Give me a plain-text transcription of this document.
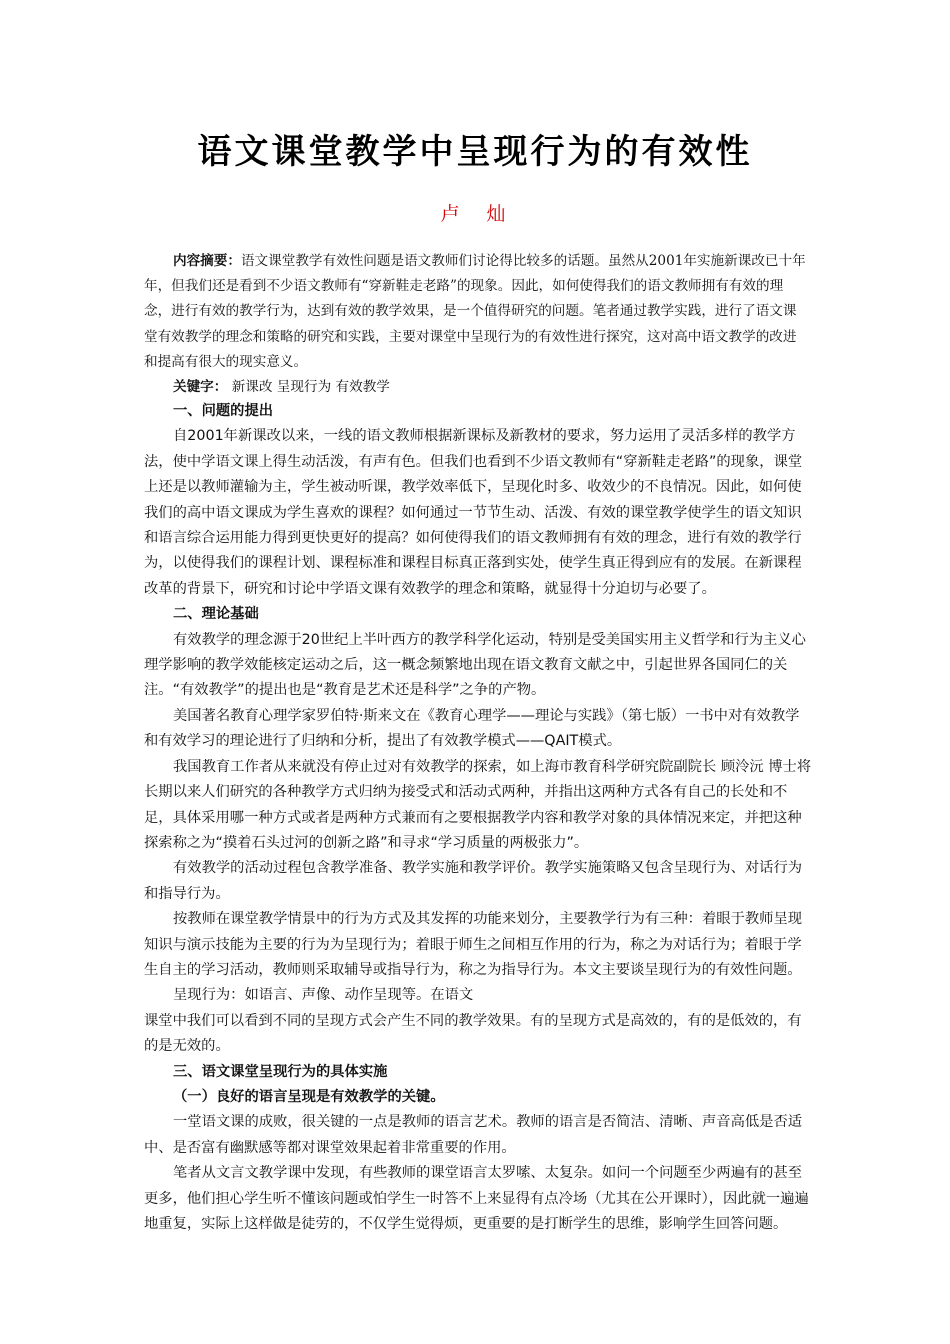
语文课堂教学中呈现行为的有效性
卢　灿

内容摘要：语文课堂教学有效性问题是语文教师们讨论得比较多的话题。虽然从2001年实施新课改已十年年，但我们还是看到不少语文教师有“穿新鞋走老路”的现象。因此，如何使得我们的语文教师拥有有效的理念，进行有效的教学行为，达到有效的教学效果，是一个值得研究的问题。笔者通过教学实践，进行了语文课堂有效教学的理念和策略的研究和实践，主要对课堂中呈现行为的有效性进行探究，这对高中语文教学的改进和提高有很大的现实意义。

关键字： 新课改 呈现行为 有效教学

一、问题的提出

自2001年新课改以来，一线的语文教师根据新课标及新教材的要求，努力运用了灵活多样的教学方法，使中学语文课上得生动活泼，有声有色。但我们也看到不少语文教师有“穿新鞋走老路”的现象，课堂上还是以教师灌输为主，学生被动听课，教学效率低下，呈现化时多、收效少的不良情况。因此，如何使我们的高中语文课成为学生喜欢的课程？如何通过一节节生动、活泼、有效的课堂教学使学生的语文知识和语言综合运用能力得到更快更好的提高？如何使得我们的语文教师拥有有效的理念，进行有效的教学行为，以使得我们的课程计划、课程标准和课程目标真正落到实处，使学生真正得到应有的发展。在新课程改革的背景下，研究和讨论中学语文课有效教学的理念和策略，就显得十分迫切与必要了。

二、理论基础

有效教学的理念源于20世纪上半叶西方的教学科学化运动，特别是受美国实用主义哲学和行为主义心理学影响的教学效能核定运动之后，这一概念频繁地出现在语文教育文献之中，引起世界各国同仁的关注。“有效教学”的提出也是“教育是艺术还是科学”之争的产物。

美国著名教育心理学家罗伯特·斯来文在《教育心理学——理论与实践》（第七版）一书中对有效教学和有效学习的理论进行了归纳和分析，提出了有效教学模式——QAIT模式。

我国教育工作者从来就没有停止过对有效教学的探索，如上海市教育科学研究院副院长 顾泠沅 博士将长期以来人们研究的各种教学方式归纳为接受式和活动式两种，并指出这两种方式各有自己的长处和不足，具体采用哪一种方式或者是两种方式兼而有之要根据教学内容和教学对象的具体情况来定，并把这种探索称之为“摸着石头过河的创新之路”和寻求“学习质量的两极张力”。

有效教学的活动过程包含教学准备、教学实施和教学评价。教学实施策略又包含呈现行为、对话行为和指导行为。

按教师在课堂教学情景中的行为方式及其发挥的功能来划分，主要教学行为有三种：着眼于教师呈现知识与演示技能为主要的行为为呈现行为；着眼于师生之间相互作用的行为，称之为对话行为；着眼于学生自主的学习活动，教师则采取辅导或指导行为，称之为指导行为。本文主要谈呈现行为的有效性问题。

呈现行为：如语言、声像、动作呈现等。在语文

课堂中我们可以看到不同的呈现方式会产生不同的教学效果。有的呈现方式是高效的，有的是低效的，有的是无效的。

三、语文课堂呈现行为的具体实施
（一）良好的语言呈现是有效教学的关键。

一堂语文课的成败，很关键的一点是教师的语言艺术。教师的语言是否简洁、清晰、声音高低是否适中、是否富有幽默感等都对课堂效果起着非常重要的作用。

笔者从文言文教学课中发现，有些教师的课堂语言太罗嗦、太复杂。如问一个问题至少两遍有的甚至更多，他们担心学生听不懂该问题或怕学生一时答不上来显得有点冷场（尤其在公开课时），因此就一遍遍地重复，实际上这样做是徒劳的，不仅学生觉得烦，更重要的是打断学生的思维，影响学生回答问题。
